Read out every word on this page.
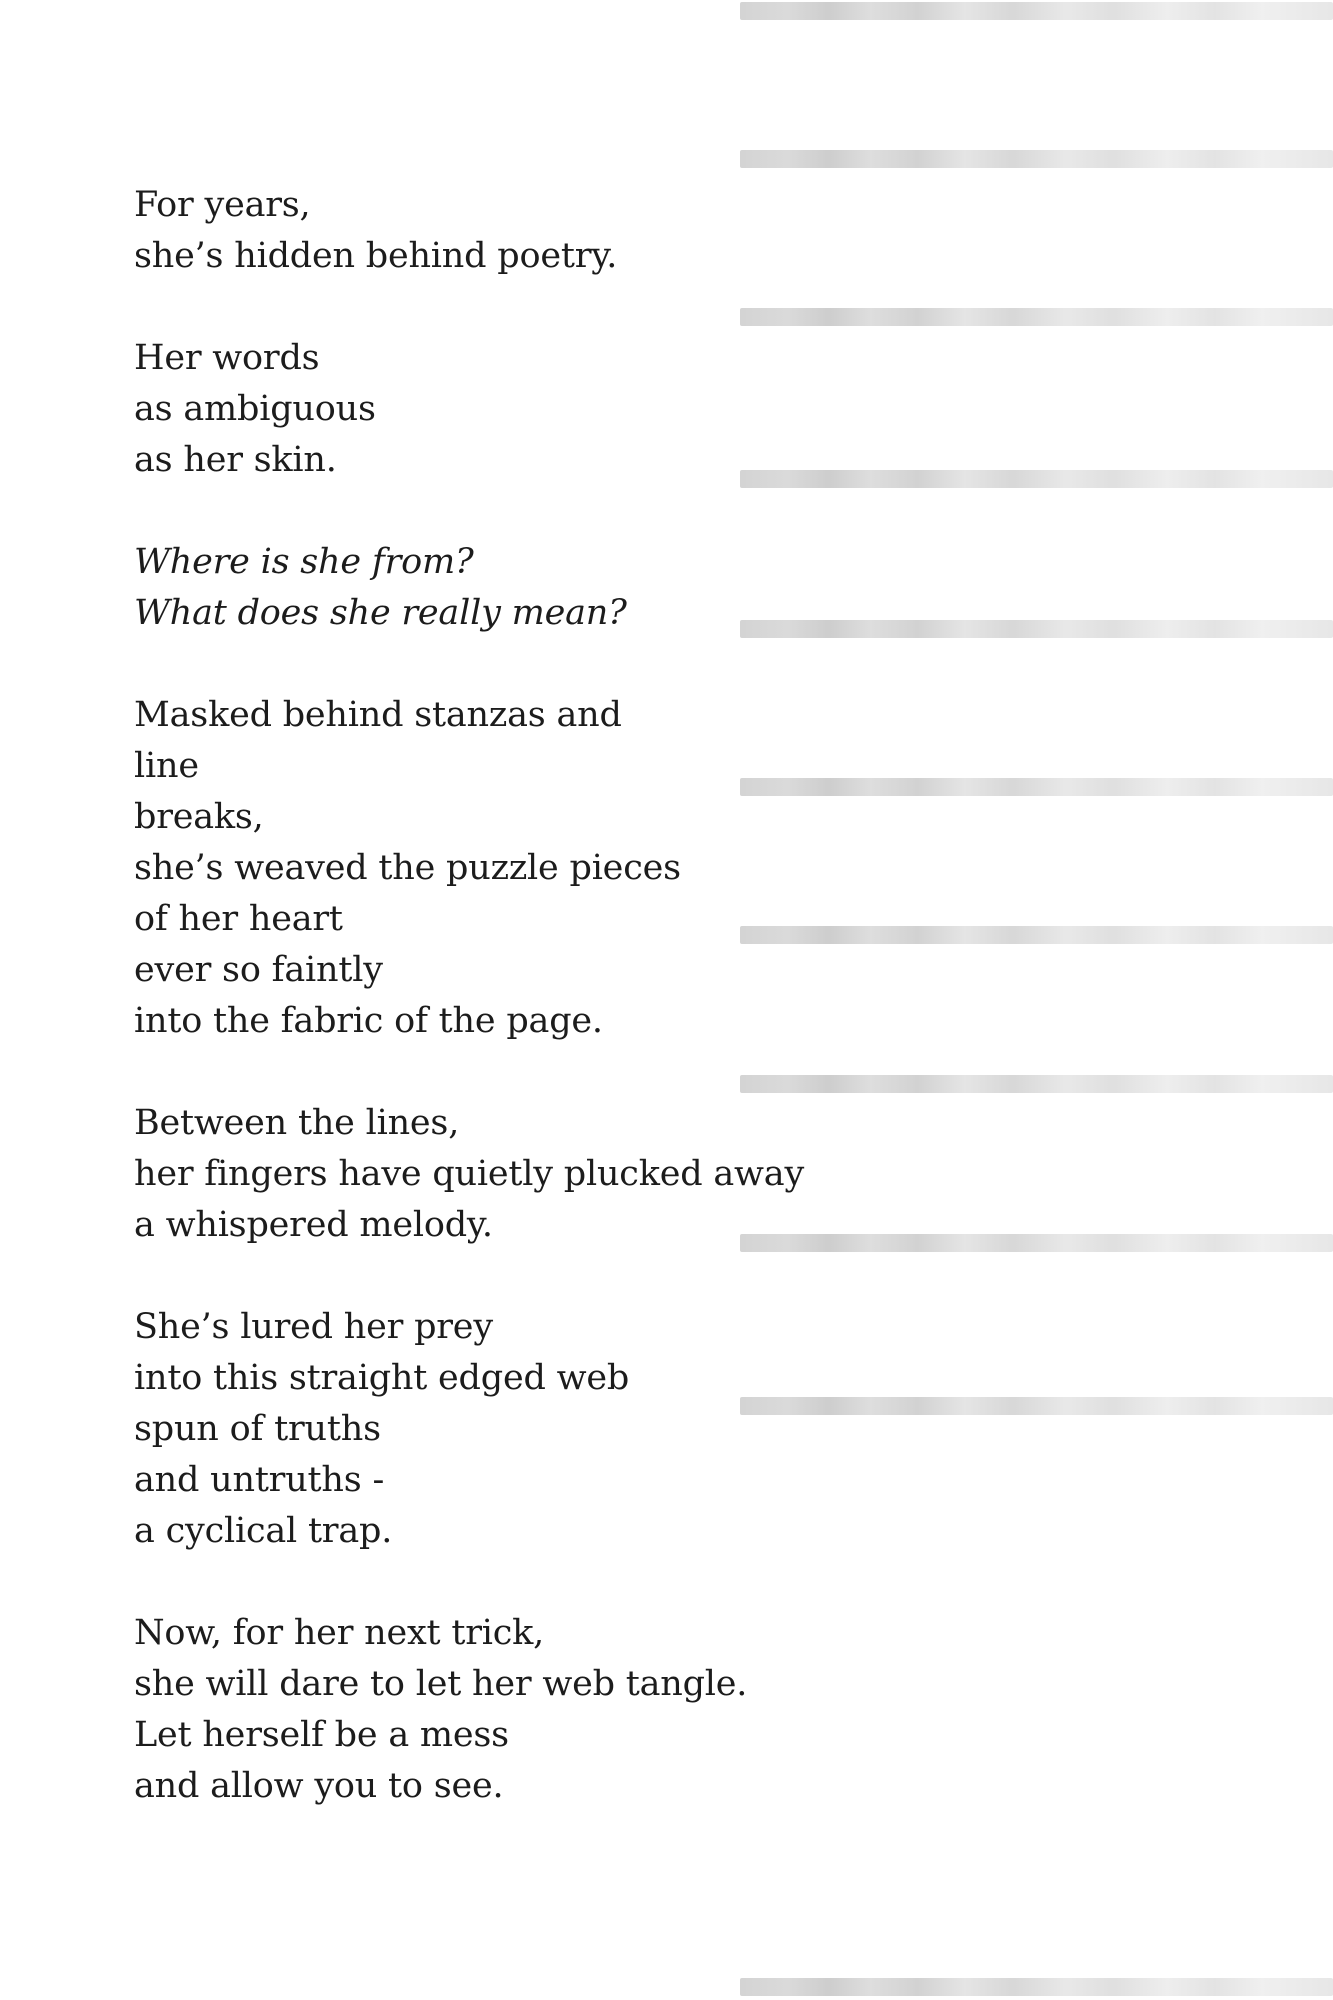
For years,
she’s hidden behind poetry.
Her words
as ambiguous
as her skin.
Where is she from?
What does she really mean?
Masked behind stanzas and
line
breaks,
she’s weaved the puzzle pieces
of her heart
ever so faintly
into the fabric of the page.
Between the lines,
her fingers have quietly plucked away
a whispered melody.
She’s lured her prey
into this straight edged web
spun of truths
and untruths -
a cyclical trap.
Now, for her next trick,
she will dare to let her web tangle.
Let herself be a mess
and allow you to see.
